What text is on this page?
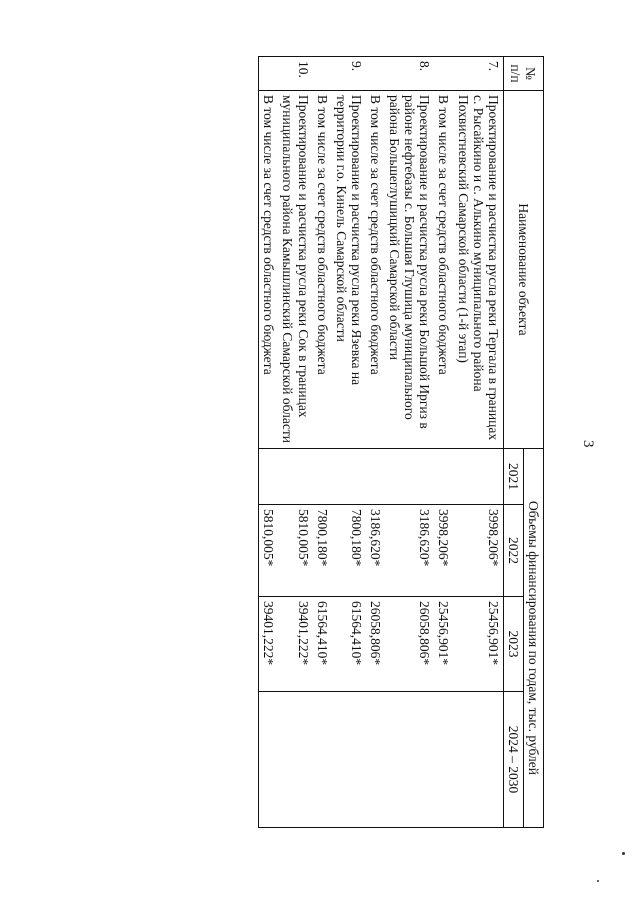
3
№
п/п	Наименование объекта	Объемы финансирования по годам, тыс. рублей			
		2021	2022	2023	2024 – 2030
7.	Проектирование и расчистка русла реки Тергала в границах с. Рысайкино и с. Алькино муниципального района Похвистневский Самарской области (1-й этап)		3998,206*	25456,901*	
	В том числе за счет средств областного бюджета		3998,206*	25456,901*	
8.	Проектирование и расчистка русла реки Большой Иргиз в районе нефтебазы с. Большая Глушица муниципального района Большеглушицкий Самарской области		3186,620*	26058,806*	
	В том числе за счет средств областного бюджета		3186,620*	26058,806*	
9.	Проектирование и расчистка русла реки Язевка на территории г.о. Кинель Самарской области		7800,180*	61564,410*	
	В том числе за счет средств областного бюджета		7800,180*	61564,410*	
10.	Проектирование и расчистка русла реки Сок в границах муниципального района Камышлинский Самарской области		5810,005*	39401,222*	
	В том числе за счет средств областного бюджета		5810,005*	39401,222*	
